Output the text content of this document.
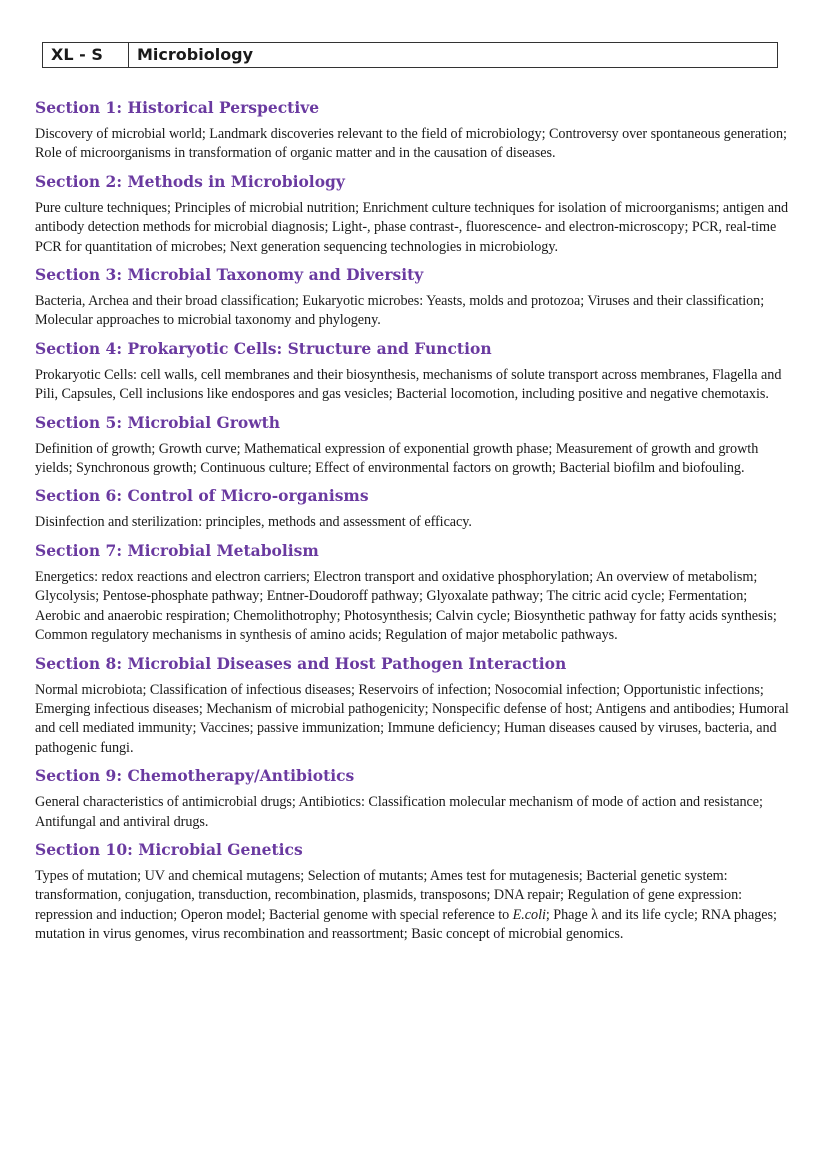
XL - S	Microbiology
Section 1: Historical Perspective
Discovery of microbial world; Landmark discoveries relevant to the field of microbiology; Controversy over spontaneous generation; Role of microorganisms in transformation of organic matter and in the causation of diseases.
Section 2: Methods in Microbiology
Pure culture techniques; Principles of microbial nutrition; Enrichment culture techniques for isolation of microorganisms; antigen and antibody detection methods for microbial diagnosis; Light-, phase contrast-, fluorescence- and electron-microscopy; PCR, real-time PCR for quantitation of microbes; Next generation sequencing technologies in microbiology.
Section 3: Microbial Taxonomy and Diversity
Bacteria, Archea and their broad classification; Eukaryotic microbes: Yeasts, molds and protozoa; Viruses and their classification; Molecular approaches to microbial taxonomy and phylogeny.
Section 4: Prokaryotic Cells: Structure and Function
Prokaryotic Cells: cell walls, cell membranes and their biosynthesis, mechanisms of solute transport across membranes, Flagella and Pili, Capsules, Cell inclusions like endospores and gas vesicles; Bacterial locomotion, including positive and negative chemotaxis.
Section 5: Microbial Growth
Definition of growth; Growth curve; Mathematical expression of exponential growth phase; Measurement of growth and growth yields; Synchronous growth; Continuous culture; Effect of environmental factors on growth; Bacterial biofilm and biofouling.
Section 6: Control of Micro-organisms
Disinfection and sterilization: principles, methods and assessment of efficacy.
Section 7: Microbial Metabolism
Energetics: redox reactions and electron carriers; Electron transport and oxidative phosphorylation; An overview of metabolism; Glycolysis; Pentose-phosphate pathway; Entner-Doudoroff pathway; Glyoxalate pathway; The citric acid cycle; Fermentation; Aerobic and anaerobic respiration; Chemolithotrophy; Photosynthesis; Calvin cycle; Biosynthetic pathway for fatty acids synthesis; Common regulatory mechanisms in synthesis of amino acids; Regulation of major metabolic pathways.
Section 8: Microbial Diseases and Host Pathogen Interaction
Normal microbiota; Classification of infectious diseases; Reservoirs of infection; Nosocomial infection; Opportunistic infections; Emerging infectious diseases; Mechanism of microbial pathogenicity; Nonspecific defense of host; Antigens and antibodies; Humoral and cell mediated immunity; Vaccines; passive immunization; Immune deficiency; Human diseases caused by viruses, bacteria, and pathogenic fungi.
Section 9: Chemotherapy/Antibiotics
General characteristics of antimicrobial drugs; Antibiotics: Classification molecular mechanism of mode of action and resistance; Antifungal and antiviral drugs.
Section 10: Microbial Genetics
Types of mutation; UV and chemical mutagens; Selection of mutants; Ames test for mutagenesis; Bacterial genetic system: transformation, conjugation, transduction, recombination, plasmids, transposons; DNA repair; Regulation of gene expression: repression and induction; Operon model; Bacterial genome with special reference to E.coli; Phage λ and its life cycle; RNA phages; mutation in virus genomes, virus recombination and reassortment; Basic concept of microbial genomics.
